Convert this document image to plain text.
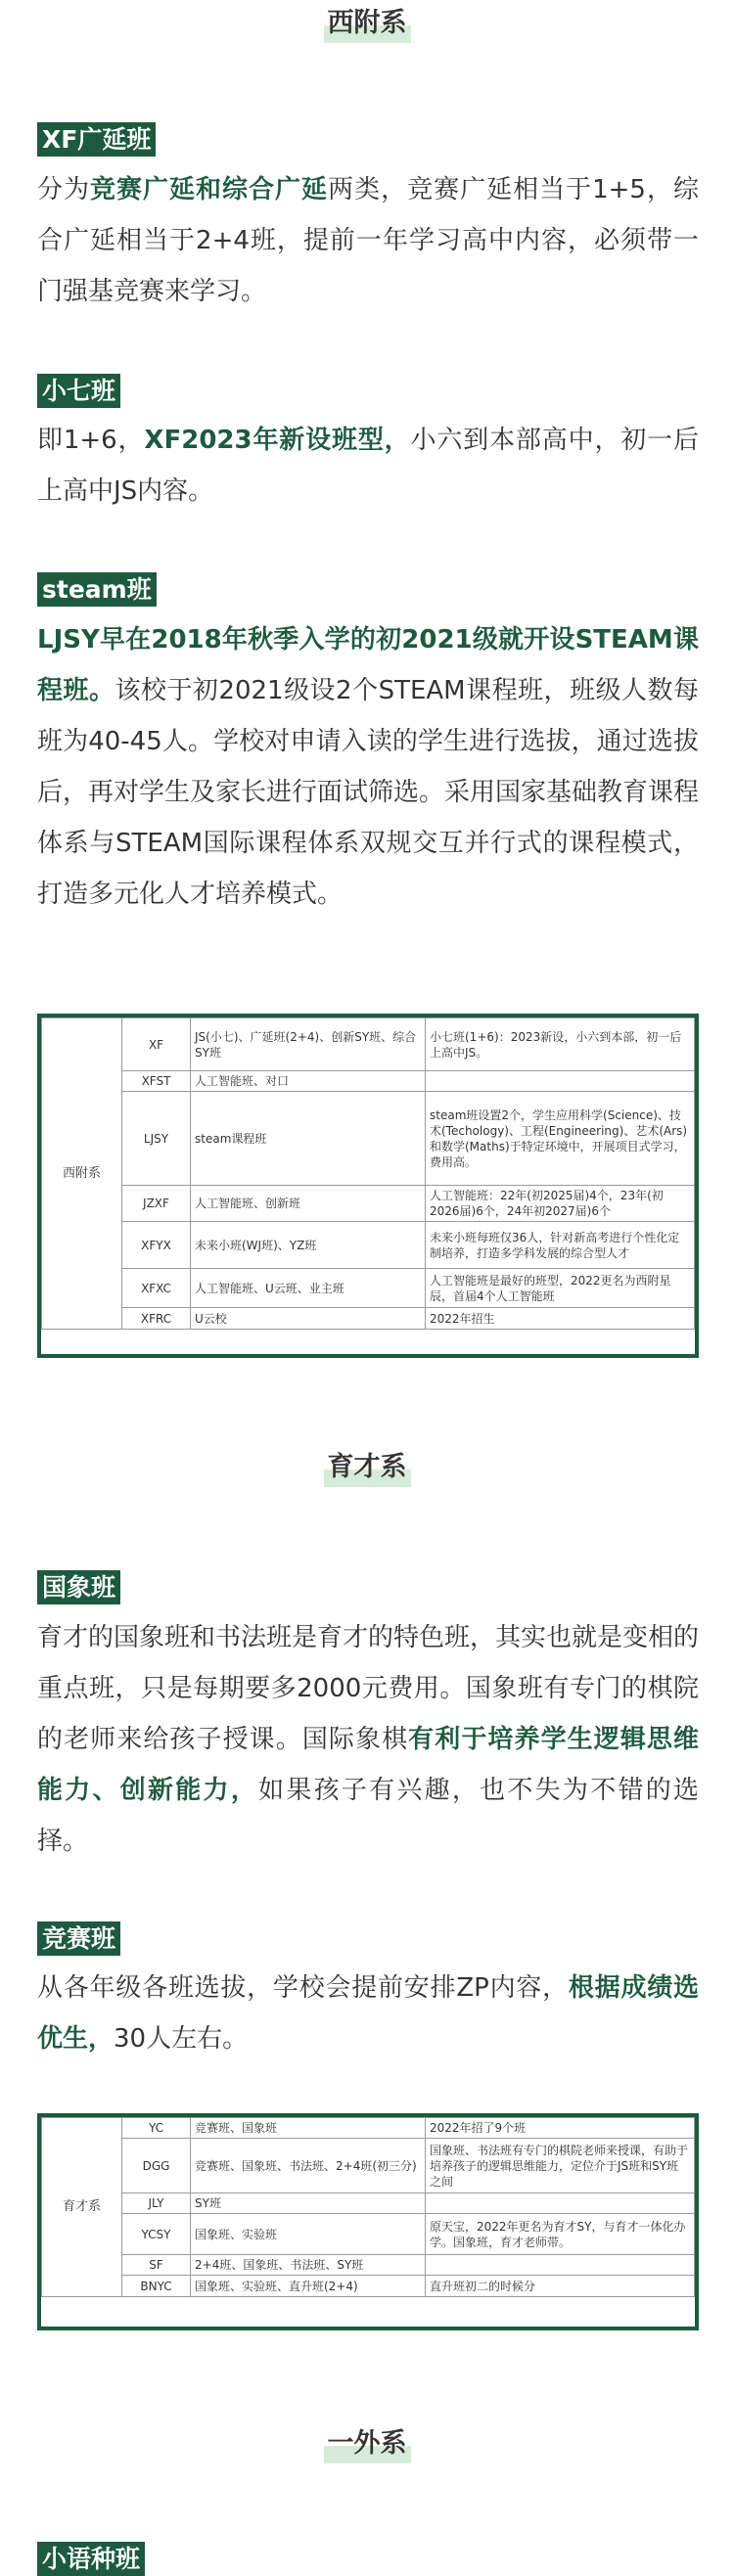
西附系
XF广延班
分为竞赛广延和综合广延两类，竞赛广延相当于1+5，综合广延相当于2+4班，提前一年学习高中内容，必须带一门强基竞赛来学习。
小七班
即1+6，XF2023年新设班型，小六到本部高中，初一后上高中JS内容。
steam班
LJSY早在2018年秋季入学的初2021级就开设STEAM课程班。该校于初2021级设2个STEAM课程班，班级人数每班为40-45人。学校对申请入读的学生进行选拔，通过选拔后，再对学生及家长进行面试筛选。采用国家基础教育课程体系与STEAM国际课程体系双规交互并行式的课程模式，打造多元化人才培养模式。
西附系	XF	JS(小七)、广延班(2+4)、创新SY班、综合SY班	小七班(1+6)：2023新设，小六到本部，初一后上高中JS。
	XFST	人工智能班、对口	
	LJSY	steam课程班	steam班设置2个，学生应用科学(Science)、技术(Techology)、工程(Engineering)、艺术(Ars)和数学(Maths)于特定环境中，开展项目式学习，费用高。
	JZXF	人工智能班、创新班	人工智能班：22年(初2025届)4个，23年(初2026届)6个，24年初2027届)6个
	XFYX	未来小班(WJ班)、YZ班	未来小班每班仅36人，针对新高考进行个性化定制培养，打造多学科发展的综合型人才
	XFXC	人工智能班、U云班、业主班	人工智能班是最好的班型，2022更名为西附星辰，首届4个人工智能班
	XFRC	U云校	2022年招生
育才系
国象班
育才的国象班和书法班是育才的特色班，其实也就是变相的重点班，只是每期要多2000元费用。国象班有专门的棋院的老师来给孩子授课。国际象棋有利于培养学生逻辑思维能力、创新能力，如果孩子有兴趣，也不失为不错的选择。
竞赛班
从各年级各班选拔，学校会提前安排ZP内容，根据成绩选优生，30人左右。
育才系	YC	竞赛班、国象班	2022年招了9个班
	DGG	竞赛班、国象班、书法班、2+4班(初三分)	国象班、书法班有专门的棋院老师来授课，有助于培养孩子的逻辑思维能力，定位介于JS班和SY班之间
	JLY	SY班	
	YCSY	国象班、实验班	原天宝，2022年更名为育才SY，与育才一体化办学。国象班，育才老师带。
	SF	2+4班、国象班、书法班、SY班	
	BNYC	国象班、实验班、直升班(2+4)	直升班初二的时候分
一外系
小语种班
